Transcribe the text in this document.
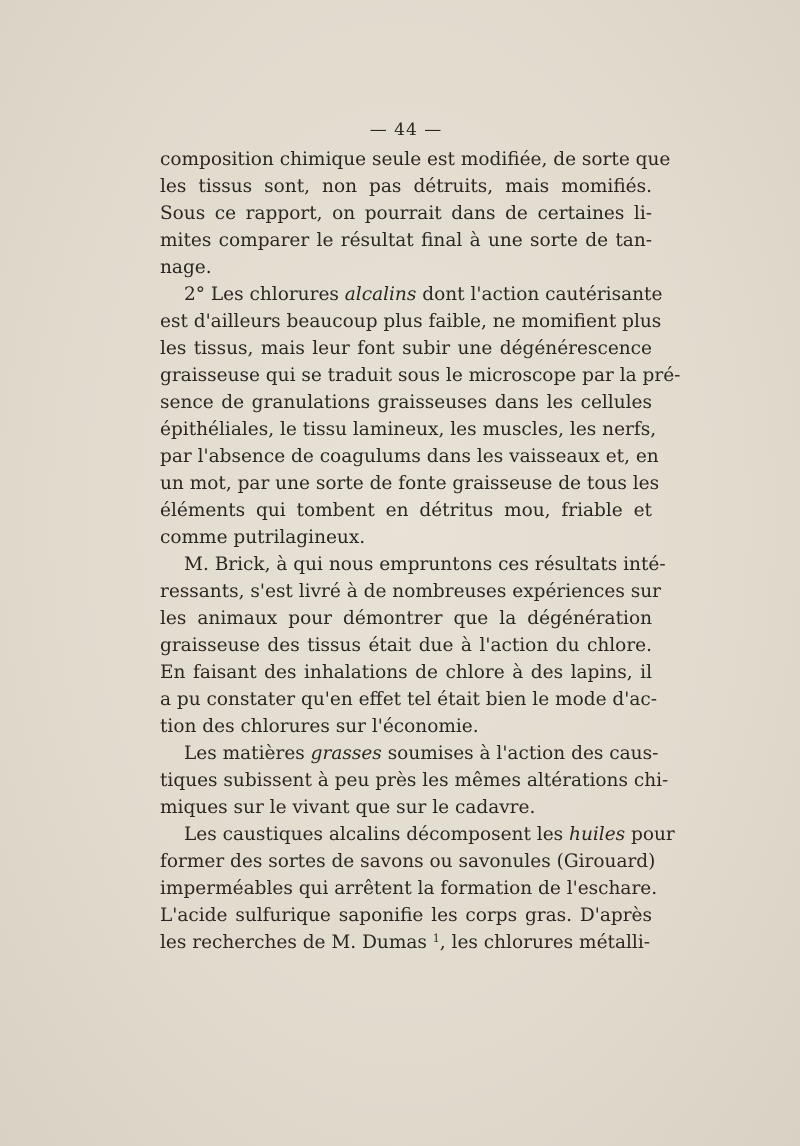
— 44 —
composition chimique seule est modifiée, de sorte que
les tissus sont, non pas détruits, mais momifiés.
Sous ce rapport, on pourrait dans de certaines li-
mites comparer le résultat final à une sorte de tan-
nage.
2° Les chlorures alcalins dont l'action cautérisante
est d'ailleurs beaucoup plus faible, ne momifient plus
les tissus, mais leur font subir une dégénérescence
graisseuse qui se traduit sous le microscope par la pré-
sence de granulations graisseuses dans les cellules
épithéliales, le tissu lamineux, les muscles, les nerfs,
par l'absence de coagulums dans les vaisseaux et, en
un mot, par une sorte de fonte graisseuse de tous les
éléments qui tombent en détritus mou, friable et
comme putrilagineux.
M. Brick, à qui nous empruntons ces résultats inté-
ressants, s'est livré à de nombreuses expériences sur
les animaux pour démontrer que la dégénération
graisseuse des tissus était due à l'action du chlore.
En faisant des inhalations de chlore à des lapins, il
a pu constater qu'en effet tel était bien le mode d'ac-
tion des chlorures sur l'économie.
Les matières grasses soumises à l'action des caus-
tiques subissent à peu près les mêmes altérations chi-
miques sur le vivant que sur le cadavre.
Les caustiques alcalins décomposent les huiles pour
former des sortes de savons ou savonules (Girouard)
imperméables qui arrêtent la formation de l'eschare.
L'acide sulfurique saponifie les corps gras. D'après
les recherches de M. Dumas $^1$, les chlorures métalli-
